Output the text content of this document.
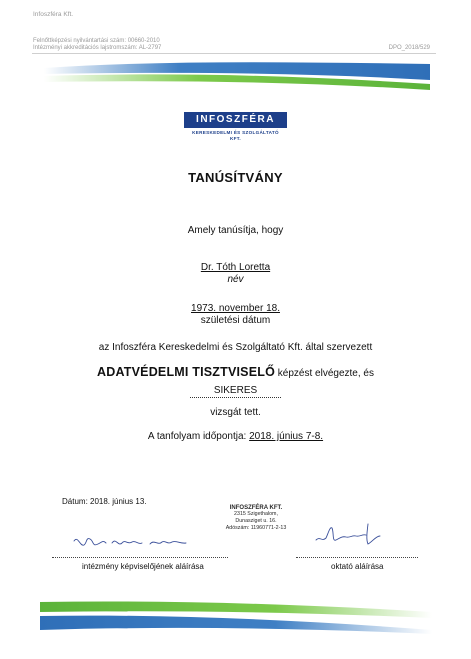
Infoszféra Kft.
Felnőttképzési nyilvántartási szám: 00660-2010
Intézményi akkreditációs lajstromszám: AL-2797	DPO_2018/529
INFOSZFÉRA
KERESKEDELMI ÉS SZOLGÁLTATÓ
KFT.
TANÚSÍTVÁNY
Amely tanúsítja, hogy
Dr. Tóth Loretta
név
1973. november 18.
születési dátum
az Infoszféra Kereskedelmi és Szolgáltató Kft. által szervezett
ADATVÉDELMI TISZTVISELŐ képzést elvégezte, és
SIKERES
vizsgát tett.
A tanfolyam időpontja: 2018. június 7-8.
Dátum: 2018. június 13.
INFOSZFÉRA KFT.
2315 Szigethalom,
Dunasziget u. 16.
Adószám: 11960771-2-13
intézmény képviselőjének aláírása	oktató aláírása
